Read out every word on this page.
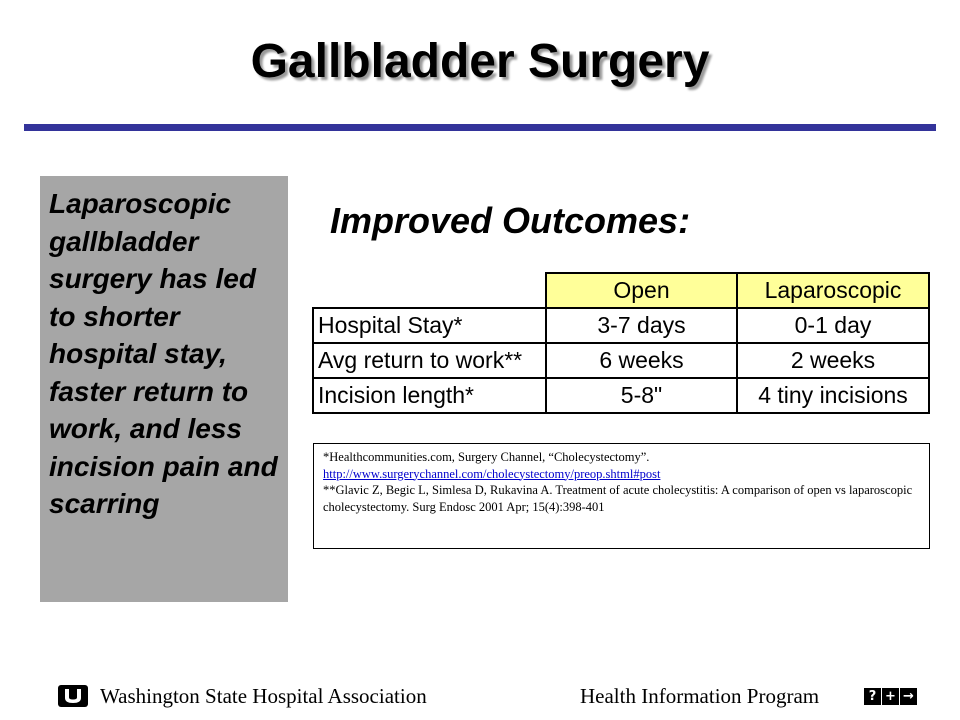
Gallbladder Surgery
Laparoscopic gallbladder surgery has led to shorter hospital stay, faster return to work, and less incision pain and scarring
Improved Outcomes:
	Open	Laparoscopic
Hospital Stay*	3-7 days	0-1 day
Avg return to work**	6 weeks	2 weeks
Incision length*	5-8"	4 tiny incisions
*Healthcommunities.com, Surgery Channel, “Cholecystectomy”.
http://www.surgerychannel.com/cholecystectomy/preop.shtml#post
**Glavic Z, Begic L, Simlesa D, Rukavina A. Treatment of acute cholecystitis: A comparison of open vs laparoscopic cholecystectomy. Surg Endosc 2001 Apr; 15(4):398-401
Washington State Hospital Association	Health Information Program	? + →
